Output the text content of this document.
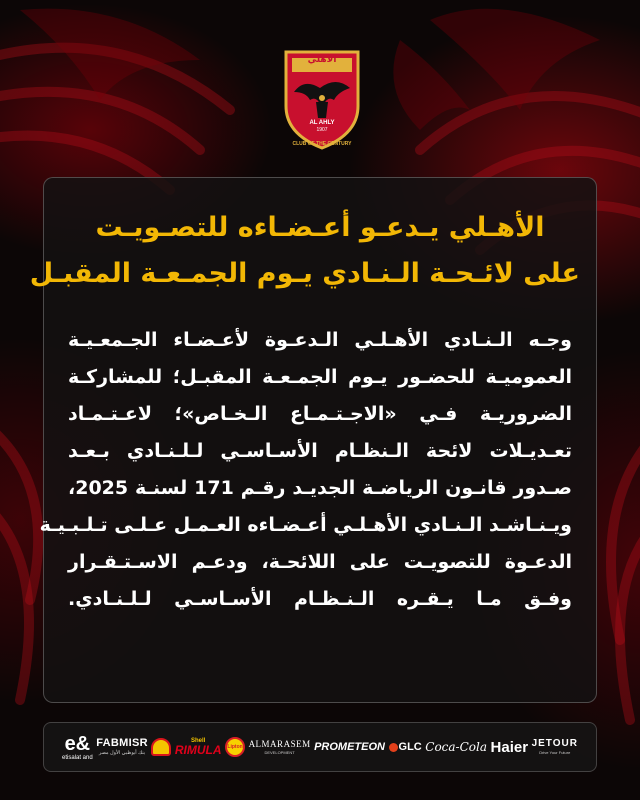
الأهلي
AL AHLY
1907
CLUB OF THE CENTURY
الأهـلي يـدعـو أعـضـاءه للتصـويـت
على لائـحـة الـنـادي يـوم الجمـعـة المقبـل
وجـه الـنـادي الأهـلـي الـدعـوة لأعـضـاء الجـمعـيـة
العموميـة للحضـور يـوم الجمـعـة المقبـل؛ للمشاركـة
الضروريـة فـي «الاجـتـمـاع الـخـاص»؛ لاعـتـمـاد
تعـديـلات لائحة الـنظـام الأسـاسـي لـلـنـادي بـعـد
صـدور قانـون الرياضـة الجديـد رقـم 171 لسنـة 2025،
ويـنـاشـد الـنـادي الأهـلـي أعـضـاءه العـمـل عـلـى تـلـبـيـة
الدعـوة للتصويـت على اللائحـة، ودعـم الاسـتـقـرار
وفـق مـا يـقـره الـنـظـام الأسـاسـي لـلـنـادي.
e&
etisalat and
FABMISR
بنك أبوظبي الأول مصر
Shell
RIMULA	Lipton ALMARASEM
DEVELOPMENT PROMETEON GLC Coca-Cola Haier JETOUR
Drive Your Future
